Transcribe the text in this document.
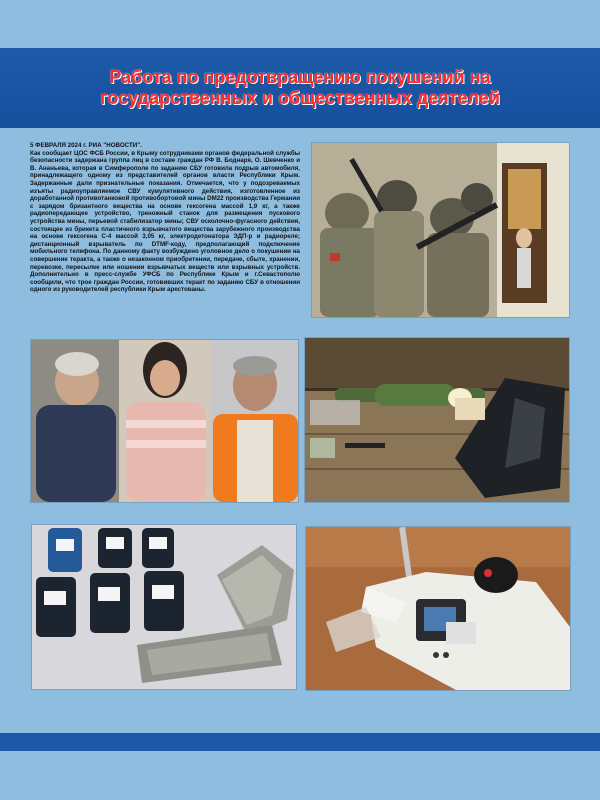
Работа по предотвращению покушений на государственных и общественных деятелей
5 ФЕВРАЛЯ 2024 г. РИА "НОВОСТИ".
Как сообщает ЦОС ФСБ России, в Крыму сотрудниками органов федеральной службы безопасности задержана группа лиц в составе граждан РФ В. Боднаря, О. Шевченко и В. Ананьева, которая в Симферополе по заданию СБУ готовила подрыв автомобиля, принадлежащего одному из представителей органов власти Республики Крым. Задержанные дали признательные показания. Отмечается, что у подозреваемых изъяты радиоуправляемое СВУ кумулятивного действия, изготовленное из доработанной противотанковой противобортовой мины DM22 производства Германии с зарядом бризантного вещества на основе гексогена массой 1,9 кг, а также радиопередающее устройство, треножный станок для размещения пускового устройства мины, перьевой стабилизатор мины; СВУ осколочно-фугасного действия, состоящее из брикета пластичного взрывчатого вещества зарубежного производства на основе гексогена С-4 массой 3,05 кг, электродетонатора ЭДП-р и радиореле; дистанционный взрыватель по DTMF-коду, предполагающий подключение мобильного телефона. По данному факту возбуждено уголовное дело о покушении на совершение теракта, а также о незаконном приобретении, передаче, сбыте, хранении, перевозке, пересылке или ношении взрывчатых веществ или взрывных устройств. Дополнительно в пресс-службе УФСБ по Республике Крым и г.Севастополю сообщили, что трое граждан России, готовивших теракт по заданию СБУ в отношении одного из руководителей республики Крым арестованы.
